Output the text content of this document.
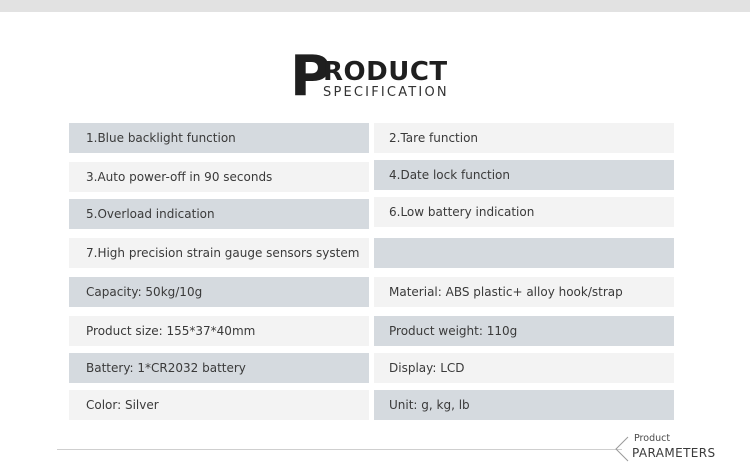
P
RODUCT
SPECIFICATION
1.Blue backlight function	2.Tare function
3.Auto power-off in 90 seconds	4.Date lock function
5.Overload indication	6.Low battery indication
7.High precision strain gauge sensors system
Capacity: 50kg/10g	Material: ABS plastic+ alloy hook/strap
Product size: 155*37*40mm	Product weight: 110g
Battery: 1*CR2032 battery	Display: LCD
Color: Silver	Unit: g, kg, lb
Product
PARAMETERS
